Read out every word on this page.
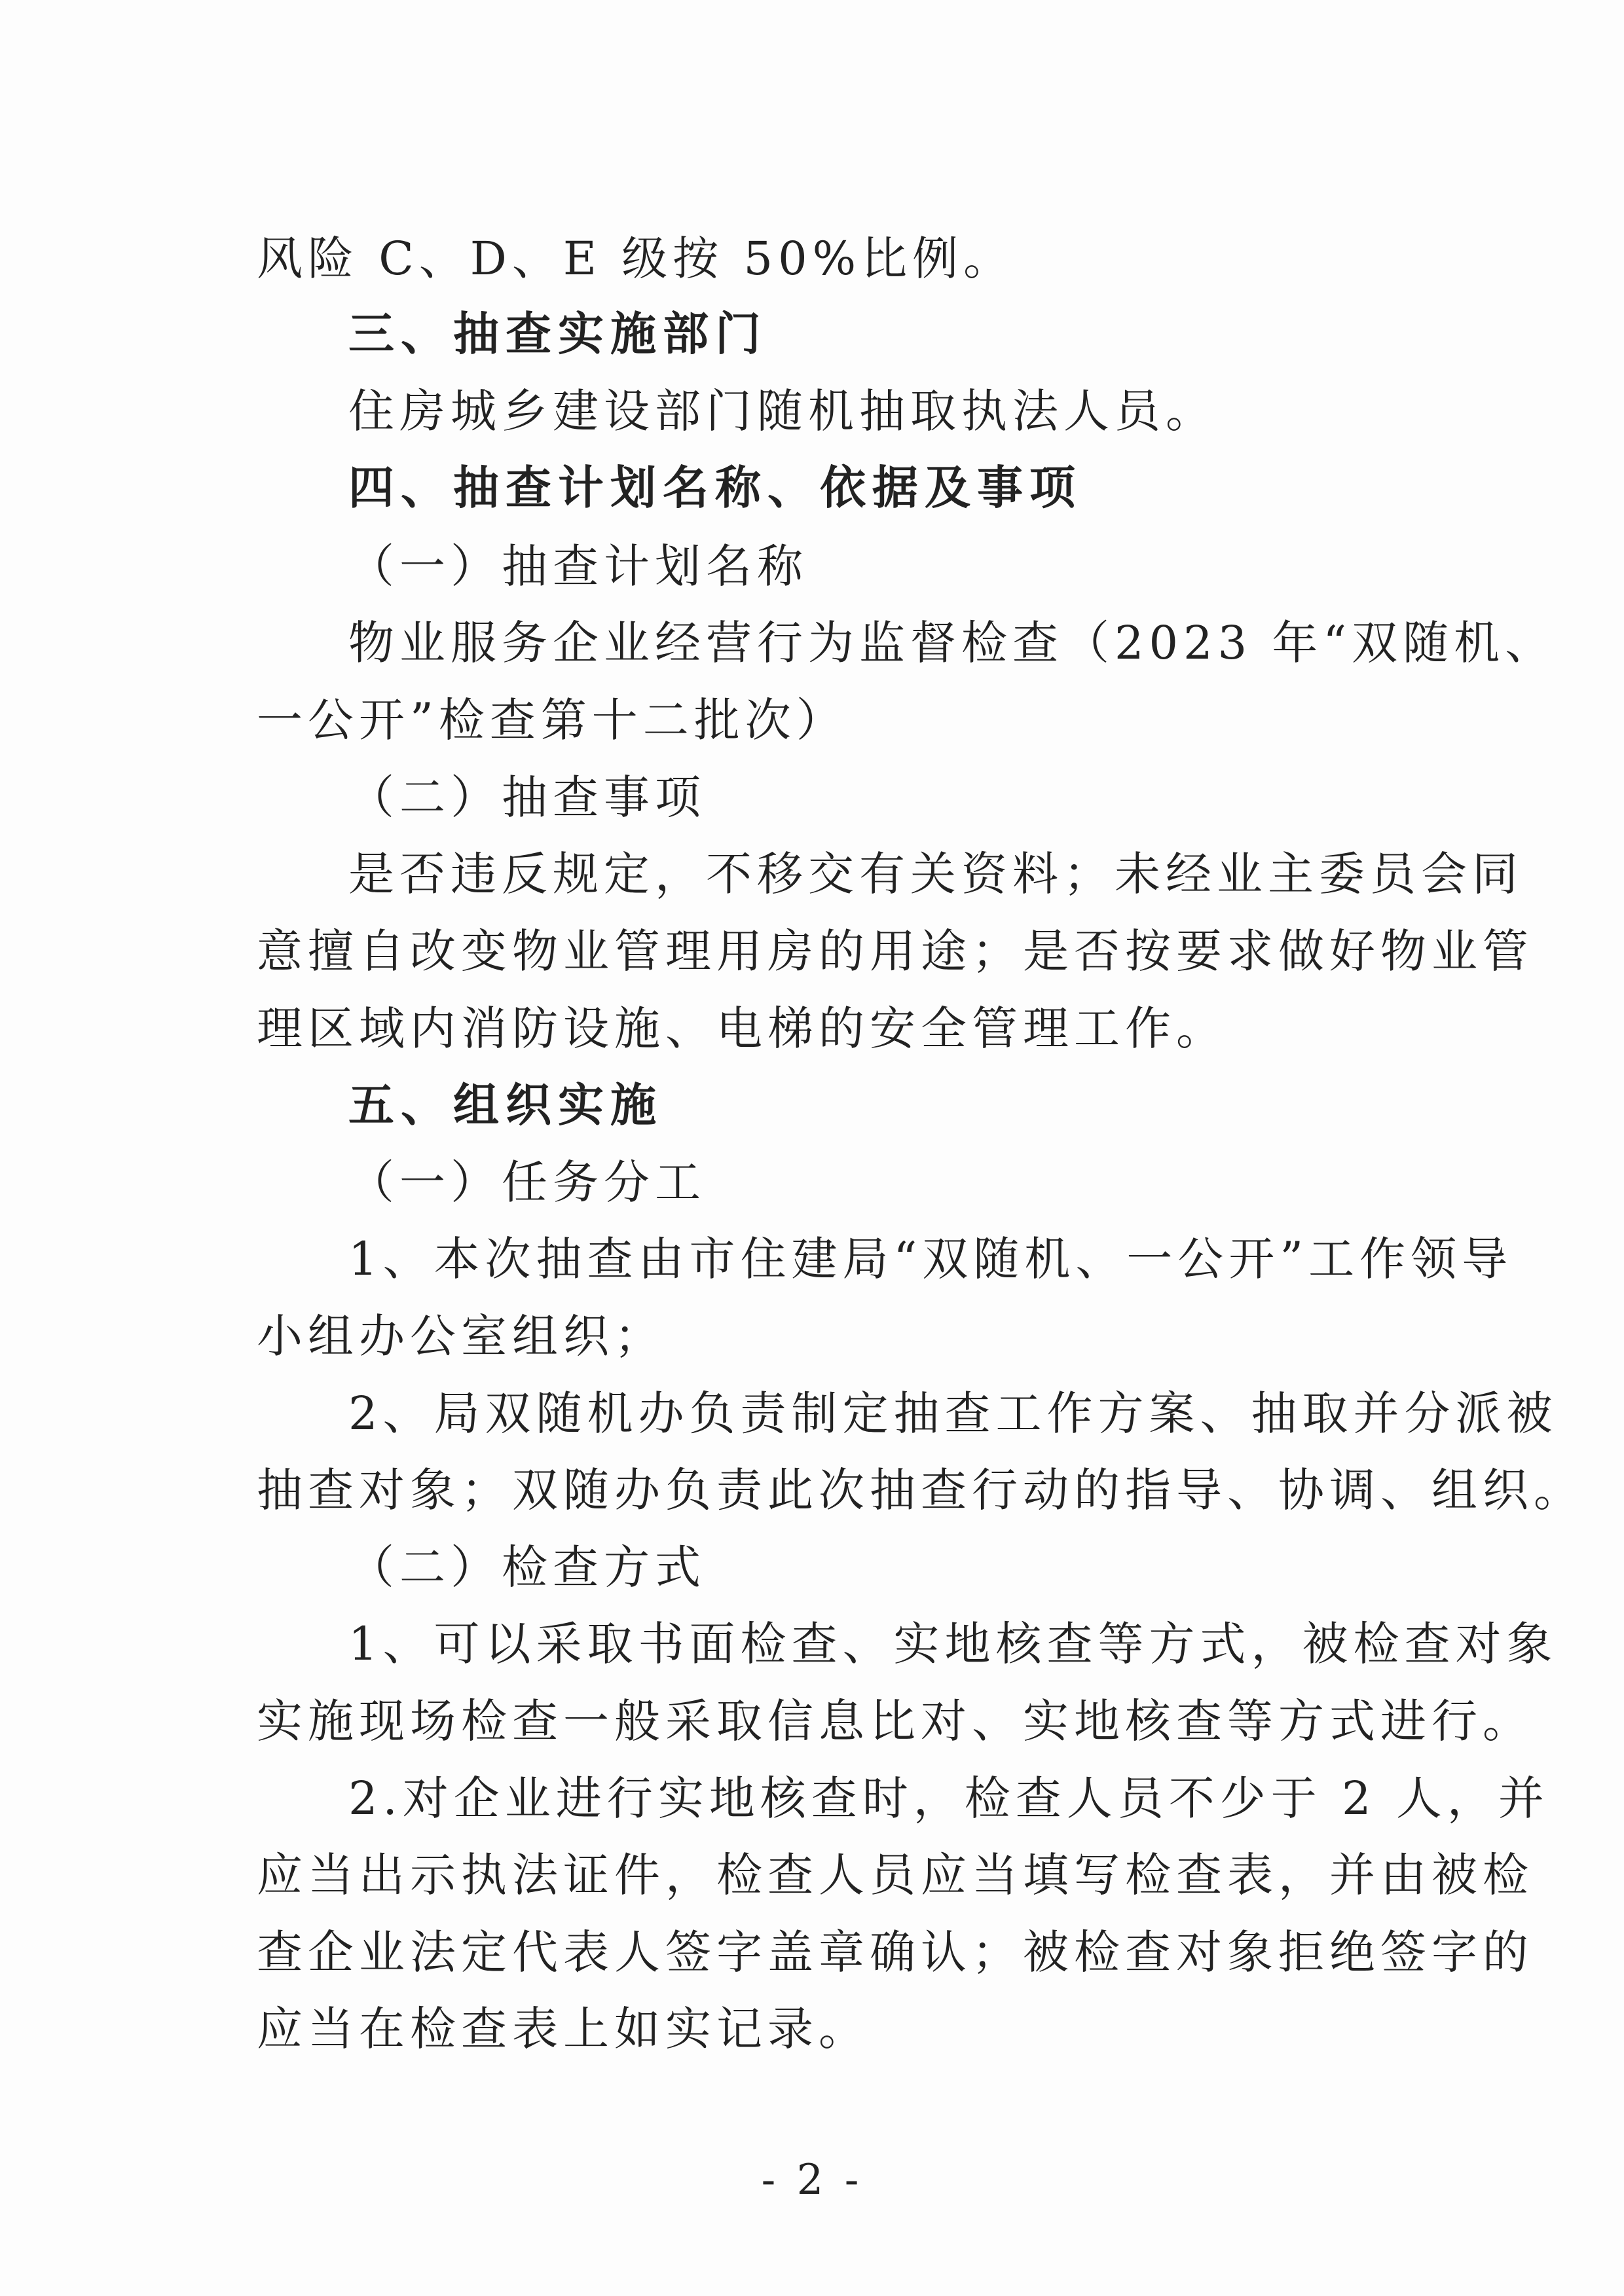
风险 C、D、E 级按 50%比例。
三、抽查实施部门
住房城乡建设部门随机抽取执法人员。
四、抽查计划名称、依据及事项
（一）抽查计划名称
物业服务企业经营行为监督检查（2023 年“双随机、
一公开”检查第十二批次）
（二）抽查事项
是否违反规定，不移交有关资料；未经业主委员会同
意擅自改变物业管理用房的用途；是否按要求做好物业管
理区域内消防设施、电梯的安全管理工作。
五、组织实施
（一）任务分工
1、本次抽查由市住建局“双随机、一公开”工作领导
小组办公室组织；
2、局双随机办负责制定抽查工作方案、抽取并分派被
抽查对象；双随办负责此次抽查行动的指导、协调、组织。
（二）检查方式
1、可以采取书面检查、实地核查等方式，被检查对象
实施现场检查一般采取信息比对、实地核查等方式进行。
2.对企业进行实地核查时，检查人员不少于 2 人，并
应当出示执法证件，检查人员应当填写检查表，并由被检
查企业法定代表人签字盖章确认；被检查对象拒绝签字的
应当在检查表上如实记录。
- 2 -
